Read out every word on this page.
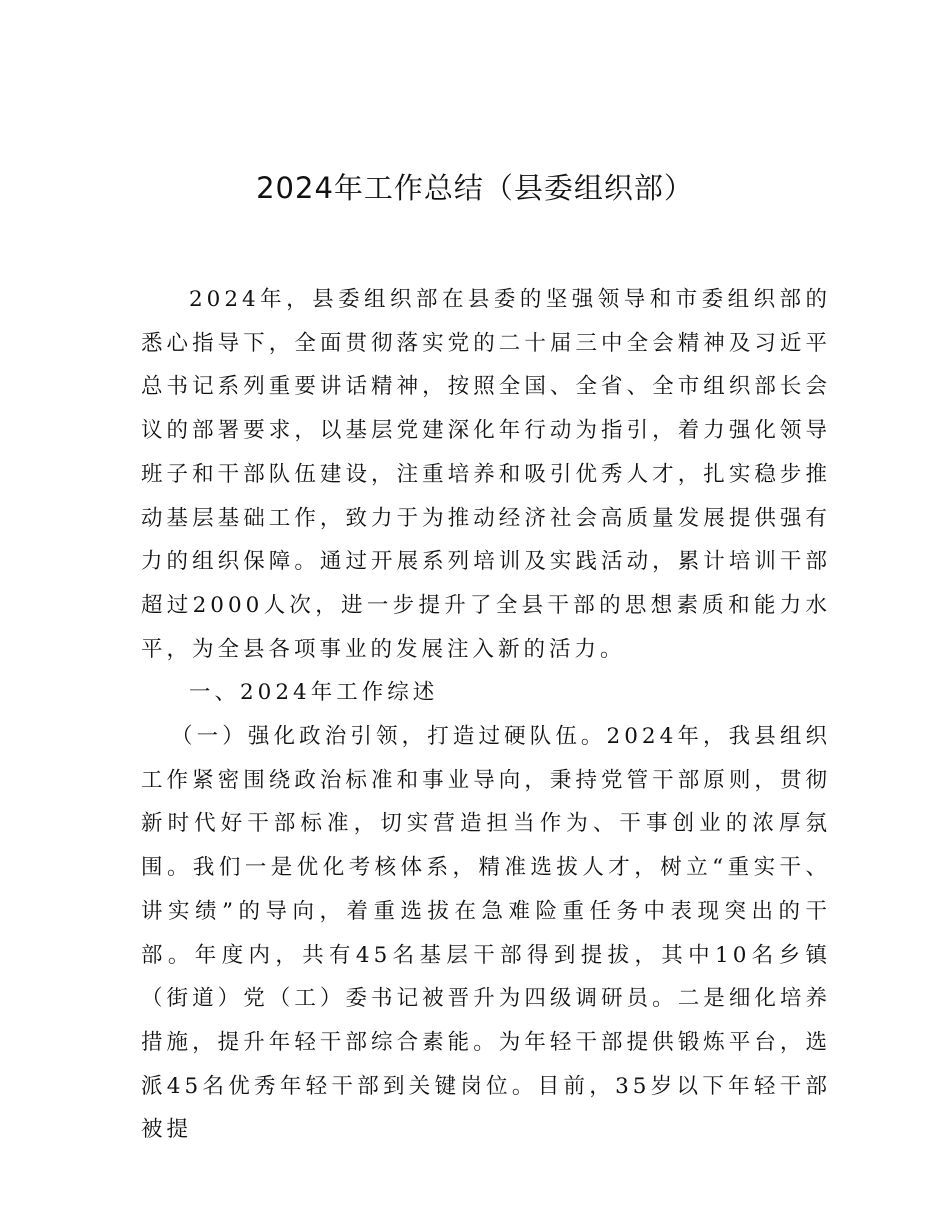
2024年工作总结（县委组织部）

2024年，县委组织部在县委的坚强领导和市委组织部的悉心指导下，全面贯彻落实党的二十届三中全会精神及习近平总书记系列重要讲话精神，按照全国、全省、全市组织部长会议的部署要求，以基层党建深化年行动为指引，着力强化领导班子和干部队伍建设，注重培养和吸引优秀人才，扎实稳步推动基层基础工作，致力于为推动经济社会高质量发展提供强有力的组织保障。通过开展系列培训及实践活动，累计培训干部超过2000人次，进一步提升了全县干部的思想素质和能力水平，为全县各项事业的发展注入新的活力。

一、2024年工作综述

（一）强化政治引领，打造过硬队伍。2024年，我县组织工作紧密围绕政治标准和事业导向，秉持党管干部原则，贯彻新时代好干部标准，切实营造担当作为、干事创业的浓厚氛围。我们一是优化考核体系，精准选拔人才，树立“重实干、讲实绩”的导向，着重选拔在急难险重任务中表现突出的干部。年度内，共有45名基层干部得到提拔，其中10名乡镇（街道）党（工）委书记被晋升为四级调研员。二是细化培养措施，提升年轻干部综合素能。为年轻干部提供锻炼平台，选派45名优秀年轻干部到关键岗位。目前，35岁以下年轻干部被提
